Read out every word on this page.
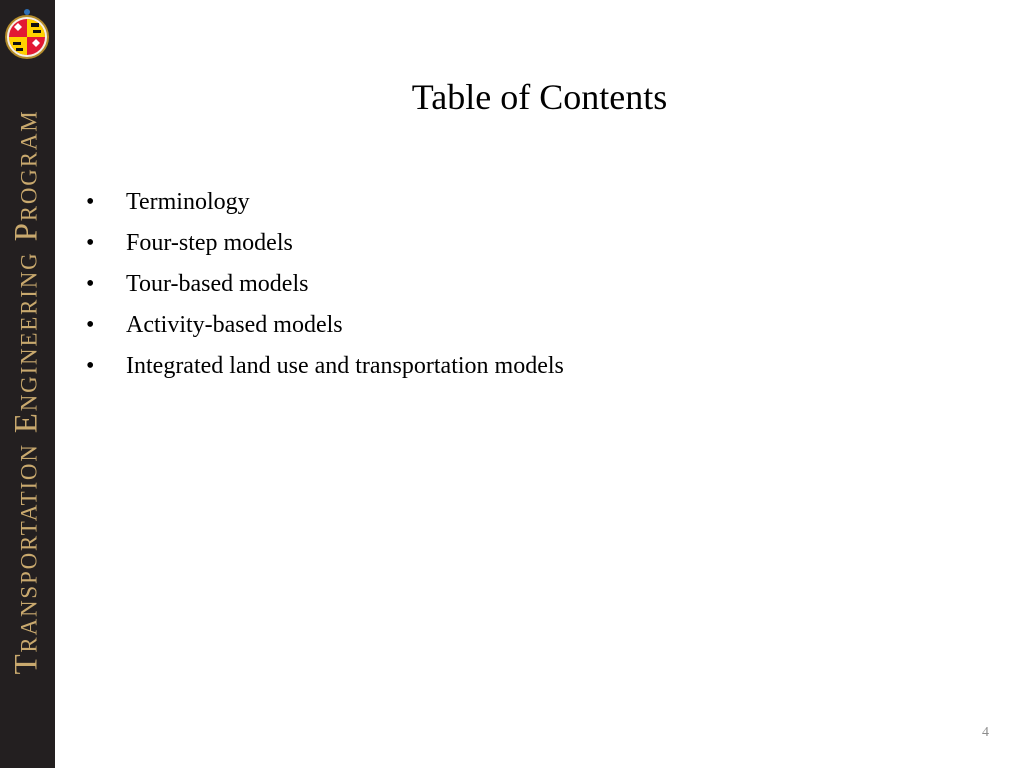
Transportation Engineering Program
Table of Contents
• Terminology
• Four-step models
• Tour-based models
• Activity-based models
• Integrated land use and transportation models
4
